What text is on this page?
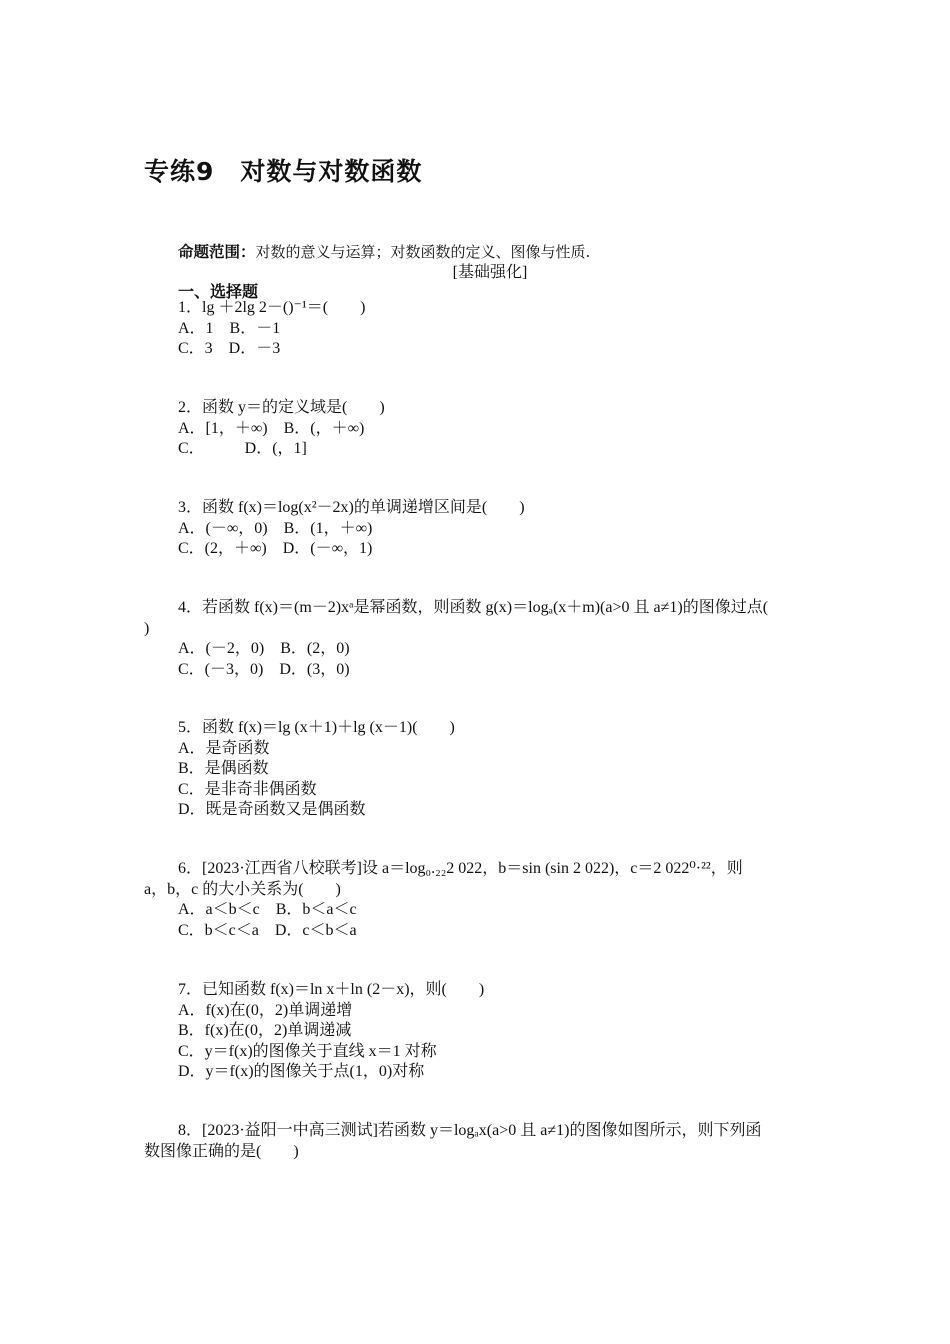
专练9　对数与对数函数
命题范围：对数的意义与运算；对数函数的定义、图像与性质.
[基础强化]
一、选择题
1．lg ＋2lg 2－()⁻¹＝(　　)
A．1　B．－1
C．3　D．－3
2．函数 y＝的定义域是(　　)
A．[1，＋∞)　B．(，＋∞)
C．　　　D．(，1]
3．函数 f(x)＝log(x²－2x)的单调递增区间是(　　)
A．(－∞，0)　B．(1，＋∞)
C．(2，＋∞)　D．(－∞，1)
4．若函数 f(x)＝(m－2)xᵃ是幂函数，则函数 g(x)＝logₐ(x＋m)(a>0 且 a≠1)的图像过点(
)
A．(－2，0)　B．(2，0)
C．(－3，0)　D．(3，0)
5．函数 f(x)＝lg (x＋1)＋lg (x－1)(　　)
A．是奇函数
B．是偶函数
C．是非奇非偶函数
D．既是奇函数又是偶函数
6．[2023·江西省八校联考]设 a＝log₀.₂₂2 022，b＝sin (sin 2 022)，c＝2 022⁰·²²，则
a，b，c 的大小关系为(　　)
A．a＜b＜c　B．b＜a＜c
C．b＜c＜a　D．c＜b＜a
7．已知函数 f(x)＝ln x＋ln (2－x)，则(　　)
A．f(x)在(0，2)单调递增
B．f(x)在(0，2)单调递减
C．y＝f(x)的图像关于直线 x＝1 对称
D．y＝f(x)的图像关于点(1，0)对称
8．[2023·益阳一中高三测试]若函数 y＝logₐx(a>0 且 a≠1)的图像如图所示，则下列函
数图像正确的是(　　)
